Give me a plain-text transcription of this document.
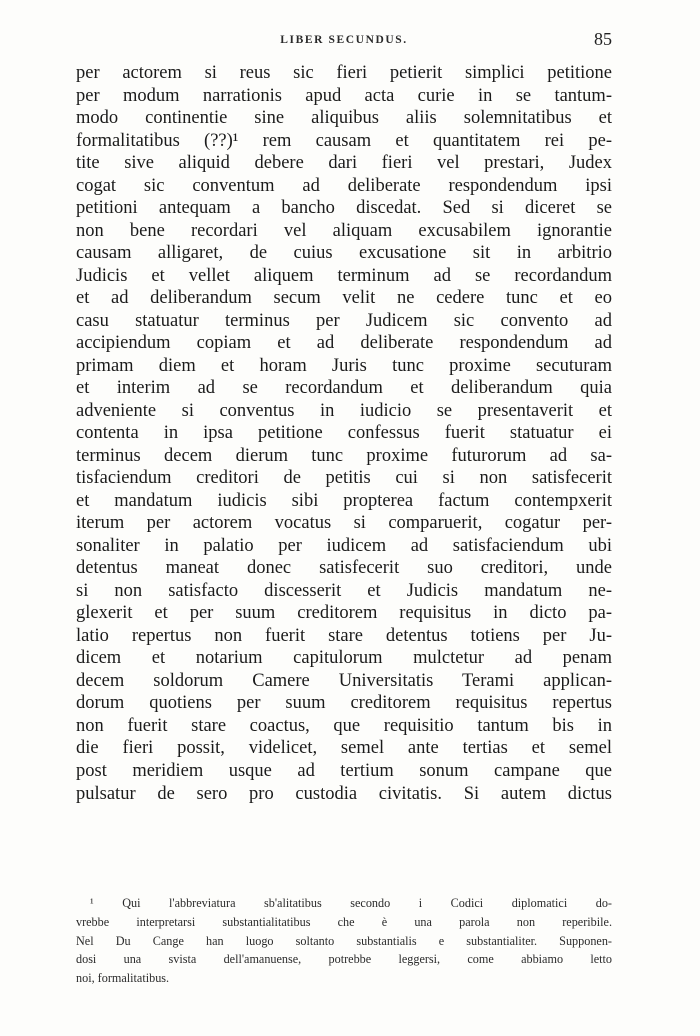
LIBER SECUNDUS.	85
per actorem si reus sic fieri petierit simplici petitione
per modum narrationis apud acta curie in se tantum-
modo continentie sine aliquibus aliis solemnitatibus et
formalitatibus (??)¹ rem causam et quantitatem rei pe-
tite sive aliquid debere dari fieri vel prestari, Judex
cogat sic conventum ad deliberate respondendum ipsi
petitioni antequam a bancho discedat. Sed si diceret se
non bene recordari vel aliquam excusabilem ignorantie
causam alligaret, de cuius excusatione sit in arbitrio
Judicis et vellet aliquem terminum ad se recordandum
et ad deliberandum secum velit ne cedere tunc et eo
casu statuatur terminus per Judicem sic convento ad
accipiendum copiam et ad deliberate respondendum ad
primam diem et horam Juris tunc proxime secuturam
et interim ad se recordandum et deliberandum quia
adveniente si conventus in iudicio se presentaverit et
contenta in ipsa petitione confessus fuerit statuatur ei
terminus decem dierum tunc proxime futurorum ad sa-
tisfaciendum creditori de petitis cui si non satisfecerit
et mandatum iudicis sibi propterea factum contempxerit
iterum per actorem vocatus si comparuerit, cogatur per-
sonaliter in palatio per iudicem ad satisfaciendum ubi
detentus maneat donec satisfecerit suo creditori, unde
si non satisfacto discesserit et Judicis mandatum ne-
glexerit et per suum creditorem requisitus in dicto pa-
latio repertus non fuerit stare detentus totiens per Ju-
dicem et notarium capitulorum mulctetur ad penam
decem soldorum Camere Universitatis Terami applican-
dorum quotiens per suum creditorem requisitus repertus
non fuerit stare coactus, que requisitio tantum bis in
die fieri possit, videlicet, semel ante tertias et semel
post meridiem usque ad tertium sonum campane que
pulsatur de sero pro custodia civitatis. Si autem dictus
¹ Qui l'abbreviatura sb'alitatibus secondo i Codici diplomatici do-
vrebbe interpretarsi substantialitatibus che è una parola non reperibile.
Nel Du Cange han luogo soltanto substantialis e substantialiter. Supponen-
dosi una svista dell'amanuense, potrebbe leggersi, come abbiamo letto
noi, formalitatibus.
